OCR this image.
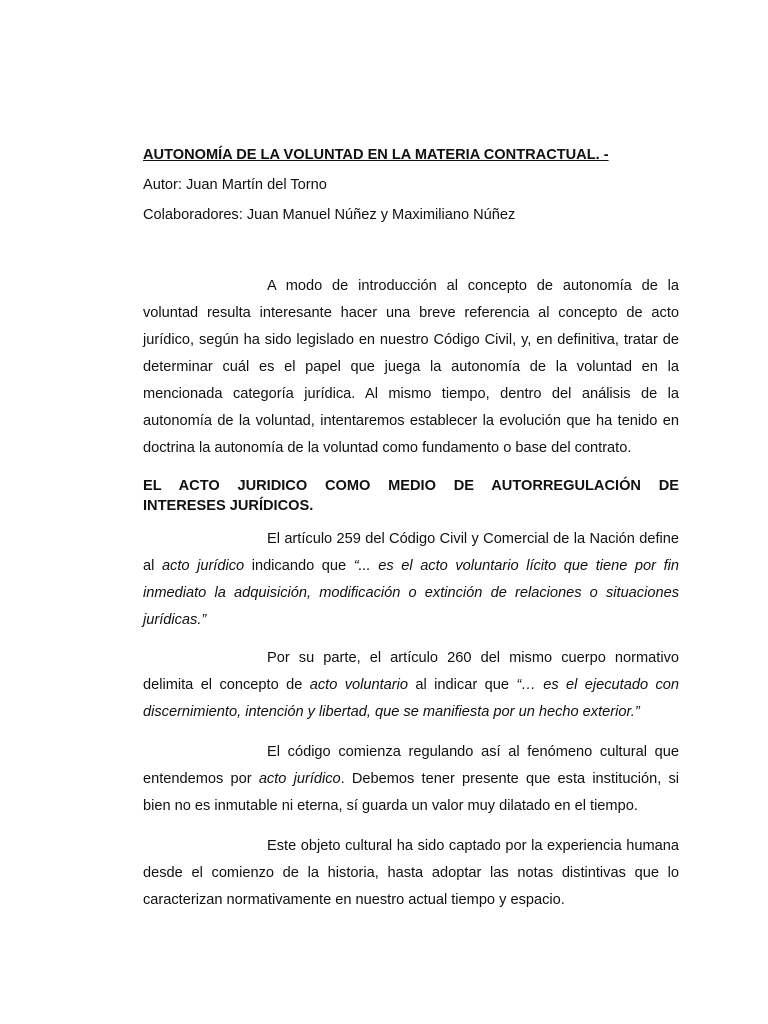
AUTONOMÍA DE LA VOLUNTAD EN LA MATERIA CONTRACTUAL. -

Autor: Juan Martín del Torno

Colaboradores: Juan Manuel Núñez y Maximiliano Núñez

A modo de introducción al concepto de autonomía de la voluntad resulta interesante hacer una breve referencia al concepto de acto jurídico, según ha sido legislado en nuestro Código Civil, y, en definitiva, tratar de determinar cuál es el papel que juega la autonomía de la voluntad en la mencionada categoría jurídica. Al mismo tiempo, dentro del análisis de la autonomía de la voluntad, intentaremos establecer la evolución que ha tenido en doctrina la autonomía de la voluntad como fundamento o base del contrato.

EL ACTO JURIDICO COMO MEDIO DE AUTORREGULACIÓN DE
INTERESES JURÍDICOS.

El artículo 259 del Código Civil y Comercial de la Nación define al acto jurídico indicando que “... es el acto voluntario lícito que tiene por fin inmediato la adquisición, modificación o extinción de relaciones o situaciones jurídicas.”

Por su parte, el artículo 260 del mismo cuerpo normativo delimita el concepto de acto voluntario al indicar que “… es el ejecutado con discernimiento, intención y libertad, que se manifiesta por un hecho exterior.”

El código comienza regulando así al fenómeno cultural que entendemos por acto jurídico. Debemos tener presente que esta institución, si bien no es inmutable ni eterna, sí guarda un valor muy dilatado en el tiempo.

Este objeto cultural ha sido captado por la experiencia humana desde el comienzo de la historia, hasta adoptar las notas distintivas que lo caracterizan normativamente en nuestro actual tiempo y espacio.
